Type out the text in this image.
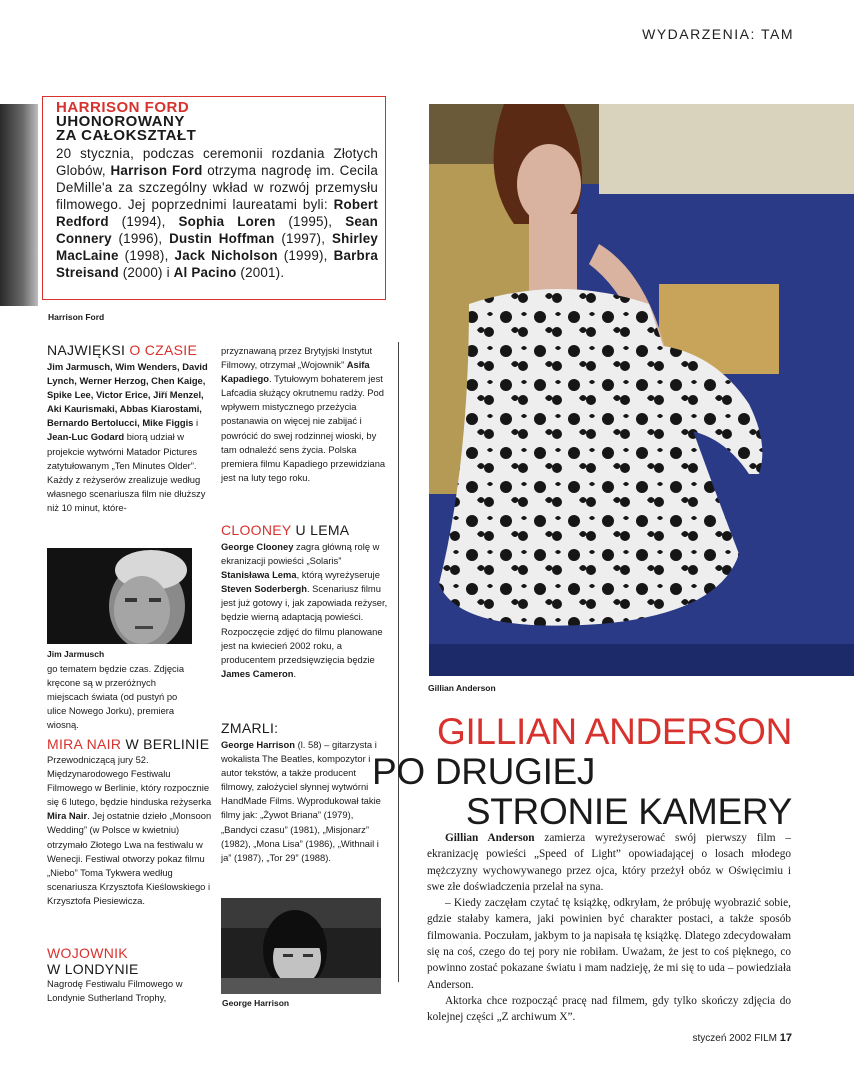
WYDARZENIA: TAM
HARRISON FORD
UHONOROWANY
ZA CAŁOKSZTAŁT
20 stycznia, podczas ceremonii rozdania Złotych Globów, Harrison Ford otrzyma nagrodę im. Cecila DeMille'a za szczególny wkład w rozwój przemysłu filmowego. Jej poprzednimi laureatami byli: Robert Redford (1994), Sophia Loren (1995), Sean Connery (1996), Dustin Hoffman (1997), Shirley MacLaine (1998), Jack Nicholson (1999), Barbra Streisand (2000) i Al Pacino (2001).
Harrison Ford
NAJWIĘKSI O CZASIE
Jim Jarmusch, Wim Wenders, David Lynch, Werner Herzog, Chen Kaige, Spike Lee, Victor Erice, Jiří Menzel, Aki Kaurismaki, Abbas Kiarostami, Bernardo Bertolucci, Mike Figgis i Jean-Luc Godard biorą udział w projekcie wytwórni Matador Pictures zatytułowanym „Ten Minutes Older”. Każdy z reżyserów zrealizuje według własnego scenariusza film nie dłuższy niż 10 minut, które-
Jim Jarmusch
go tematem będzie czas. Zdjęcia kręcone są w przeróżnych miejscach świata (od pustyń po ulice Nowego Jorku), premiera wiosną.
MIRA NAIR W BERLINIE
Przewodniczącą jury 52. Międzynarodowego Festiwalu Filmowego w Berlinie, który rozpocznie się 6 lutego, będzie hinduska reżyserka Mira Nair. Jej ostatnie dzieło „Monsoon Wedding” (w Polsce w kwietniu) otrzymało Złotego Lwa na festiwalu w Wenecji. Festiwal otworzy pokaz filmu „Niebo” Toma Tykwera według scenariusza Krzysztofa Kieślowskiego i Krzysztofa Piesiewicza.
WOJOWNIK
W LONDYNIE
Nagrodę Festiwalu Filmowego w Londynie Sutherland Trophy,
przyznawaną przez Brytyjski Instytut Filmowy, otrzymał „Wojownik” Asifa Kapadiego. Tytułowym bohaterem jest Lafcadia służący okrutnemu radży. Pod wpływem mistycznego przeżycia postanawia on więcej nie zabijać i powrócić do swej rodzinnej wioski, by tam odnaleźć sens życia. Polska premiera filmu Kapadiego przewidziana jest na luty tego roku.
CLOONEY U LEMA
George Clooney zagra główną rolę w ekranizacji powieści „Solaris” Stanisława Lema, którą wyreżyseruje Steven Soderbergh. Scenariusz filmu jest już gotowy i, jak zapowiada reżyser, będzie wierną adaptacją powieści. Rozpoczęcie zdjęć do filmu planowane jest na kwiecień 2002 roku, a producentem przedsięwzięcia będzie James Cameron.
ZMARLI:
George Harrison (l. 58) – gitarzysta i wokalista The Beatles, kompozytor i autor tekstów, a także producent filmowy, założyciel słynnej wytwórni HandMade Films. Wyprodukował takie filmy jak: „Żywot Briana” (1979), „Bandyci czasu” (1981), „Misjonarz” (1982), „Mona Lisa” (1986), „Withnail i ja” (1987), „Tor 29” (1988).
George Harrison
Gillian Anderson
GILLIAN ANDERSON
PO DRUGIEJ
STRONIE KAMERY

Gillian Anderson zamierza wyreżyserować swój pierwszy film – ekranizację powieści „Speed of Light” opowiadającej o losach młodego mężczyzny wychowywanego przez ojca, który przeżył obóz w Oświęcimiu i swe złe doświadczenia przelał na syna.

– Kiedy zaczęłam czytać tę książkę, odkryłam, że próbuję wyobrazić sobie, gdzie stałaby kamera, jaki powinien być charakter postaci, a także sposób filmowania. Poczułam, jakbym to ja napisała tę książkę. Dlatego zdecydowałam się na coś, czego do tej pory nie robiłam. Uważam, że jest to coś pięknego, co powinno zostać pokazane światu i mam nadzieję, że mi się to uda – powiedziała Anderson.

Aktorka chce rozpocząć pracę nad filmem, gdy tylko skończy zdjęcia do kolejnej części „Z archiwum X”.

styczeń 2002 FILM 17
